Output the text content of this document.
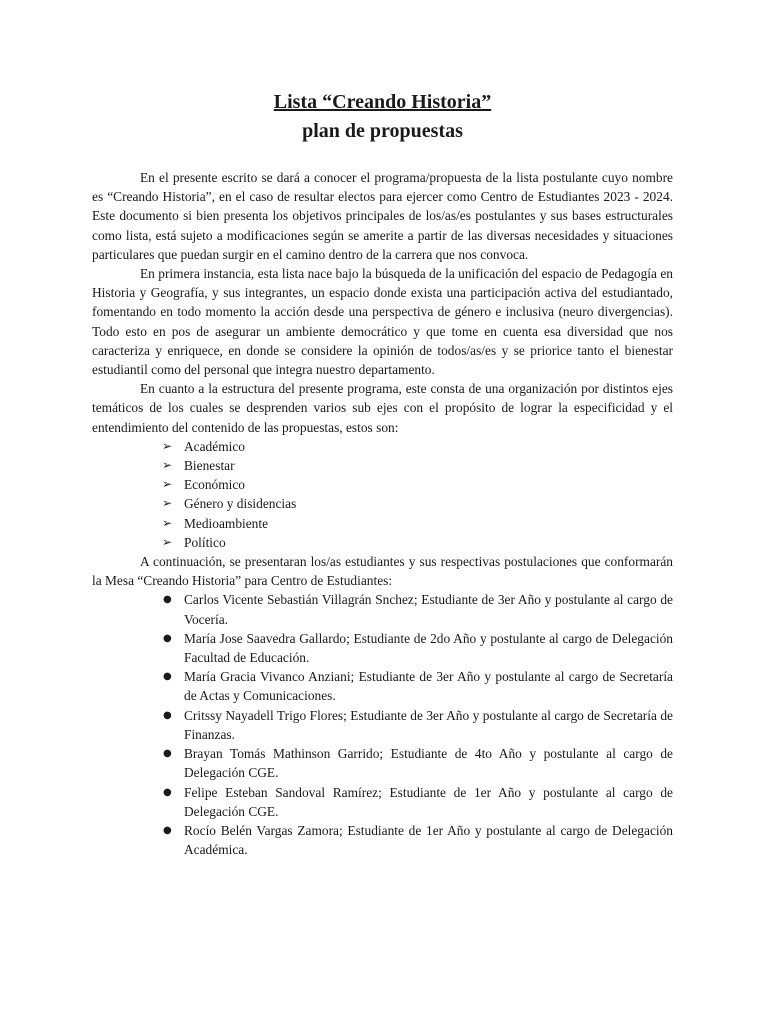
Lista “Creando Historia”
plan de propuestas

En el presente escrito se dará a conocer el programa/propuesta de la lista postulante cuyo nombre es “Creando Historia”, en el caso de resultar electos para ejercer como Centro de Estudiantes 2023 - 2024. Este documento si bien presenta los objetivos principales de los/as/es postulantes y sus bases estructurales como lista, está sujeto a modificaciones según se amerite a partir de las diversas necesidades y situaciones particulares que puedan surgir en el camino dentro de la carrera que nos convoca.

En primera instancia, esta lista nace bajo la búsqueda de la unificación del espacio de Pedagogía en Historia y Geografía, y sus integrantes, un espacio donde exista una participación activa del estudiantado, fomentando en todo momento la acción desde una perspectiva de género e inclusiva (neuro divergencias). Todo esto en pos de asegurar un ambiente democrático y que tome en cuenta esa diversidad que nos caracteriza y enriquece, en donde se considere la opinión de todos/as/es y se priorice tanto el bienestar estudiantil como del personal que integra nuestro departamento.

En cuanto a la estructura del presente programa, este consta de una organización por distintos ejes temáticos de los cuales se desprenden varios sub ejes con el propósito de lograr la especificidad y el entendimiento del contenido de las propuestas, estos son:

➢ Académico
➢ Bienestar
➢ Económico
➢ Género y disidencias
➢ Medioambiente
➢ Político

A continuación, se presentaran los/as estudiantes y sus respectivas postulaciones que conformarán la Mesa “Creando Historia” para Centro de Estudiantes:

● Carlos Vicente Sebastián Villagrán Snchez; Estudiante de 3er Año y postulante al cargo de Vocería.
● María Jose Saavedra Gallardo; Estudiante de 2do Año y postulante al cargo de Delegación Facultad de Educación.
● María Gracia Vivanco Anziani; Estudiante de 3er Año y postulante al cargo de Secretaría de Actas y Comunicaciones.
● Critssy Nayadell Trigo Flores; Estudiante de 3er Año y postulante al cargo de Secretaría de Finanzas.
● Brayan Tomás Mathinson Garrido; Estudiante de 4to Año y postulante al cargo de Delegación CGE.
● Felipe Esteban Sandoval Ramírez; Estudiante de 1er Año y postulante al cargo de Delegación CGE.
● Rocío Belén Vargas Zamora; Estudiante de 1er Año y postulante al cargo de Delegación Académica.
